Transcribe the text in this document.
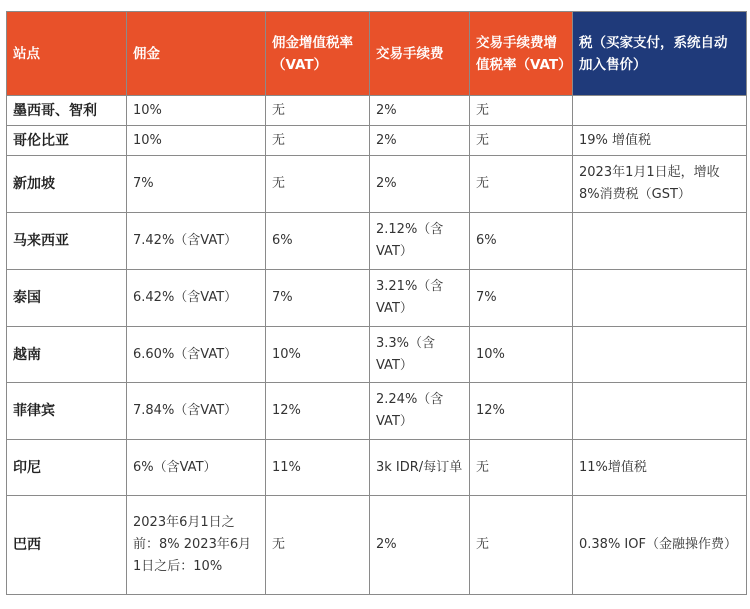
站点	佣金	佣金增值税率（VAT）	交易手续费	交易手续费增值税率（VAT）	税（买家支付，系统自动加入售价）
墨西哥、智利	10%	无	2%	无	
哥伦比亚	10%	无	2%	无	19% 增值税
新加坡	7%	无	2%	无	2023年1月1日起，增收8%消费税（GST）
马来西亚	7.42%（含VAT）	6%	2.12%（含VAT）	6%	
泰国	6.42%（含VAT）	7%	3.21%（含VAT）	7%	
越南	6.60%（含VAT）	10%	3.3%（含VAT）	10%	
菲律宾	7.84%（含VAT）	12%	2.24%（含VAT）	12%	
印尼	6%（含VAT）	11%	3k IDR/每订单	无	11%增值税
巴西	2023年6月1日之前：8% 2023年6月1日之后：10%	无	2%	无	0.38% IOF（金融操作费）
